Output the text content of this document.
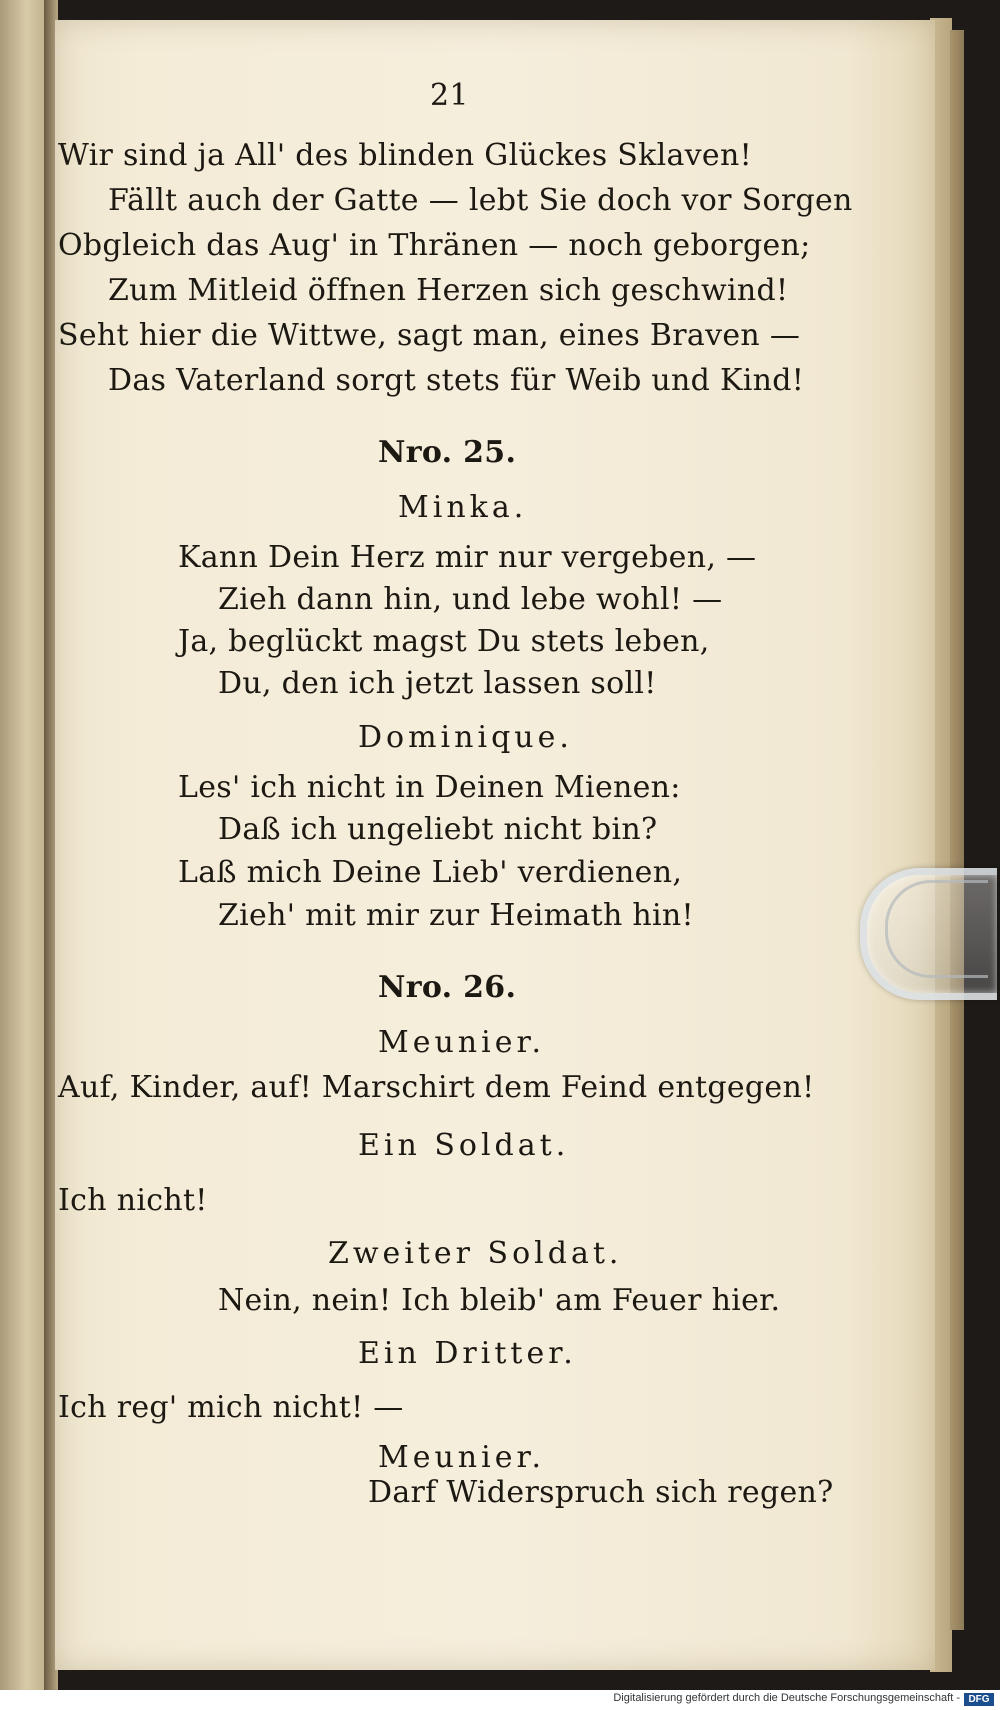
21
Wir sind ja All' des blinden Glückes Sklaven!
Fällt auch der Gatte — lebt Sie doch vor Sorgen
Obgleich das Aug' in Thränen — noch geborgen;
Zum Mitleid öffnen Herzen sich geschwind!
Seht hier die Wittwe, sagt man, eines Braven —
Das Vaterland sorgt stets für Weib und Kind!
Nro. 25.
Minka.
Kann Dein Herz mir nur vergeben, —
Zieh dann hin, und lebe wohl! —
Ja, beglückt magst Du stets leben,
Du, den ich jetzt lassen soll!
Dominique.
Les' ich nicht in Deinen Mienen:
Daß ich ungeliebt nicht bin?
Laß mich Deine Lieb' verdienen,
Zieh' mit mir zur Heimath hin!
Nro. 26.
Meunier.
Auf, Kinder, auf! Marschirt dem Feind entgegen!
Ein Soldat.
Ich nicht!
Zweiter Soldat.
Nein, nein! Ich bleib' am Feuer hier.
Ein Dritter.
Ich reg' mich nicht! —
Meunier.
Darf Widerspruch sich regen?
Digitalisierung gefördert durch die Deutsche Forschungsgemeinschaft - DFG
